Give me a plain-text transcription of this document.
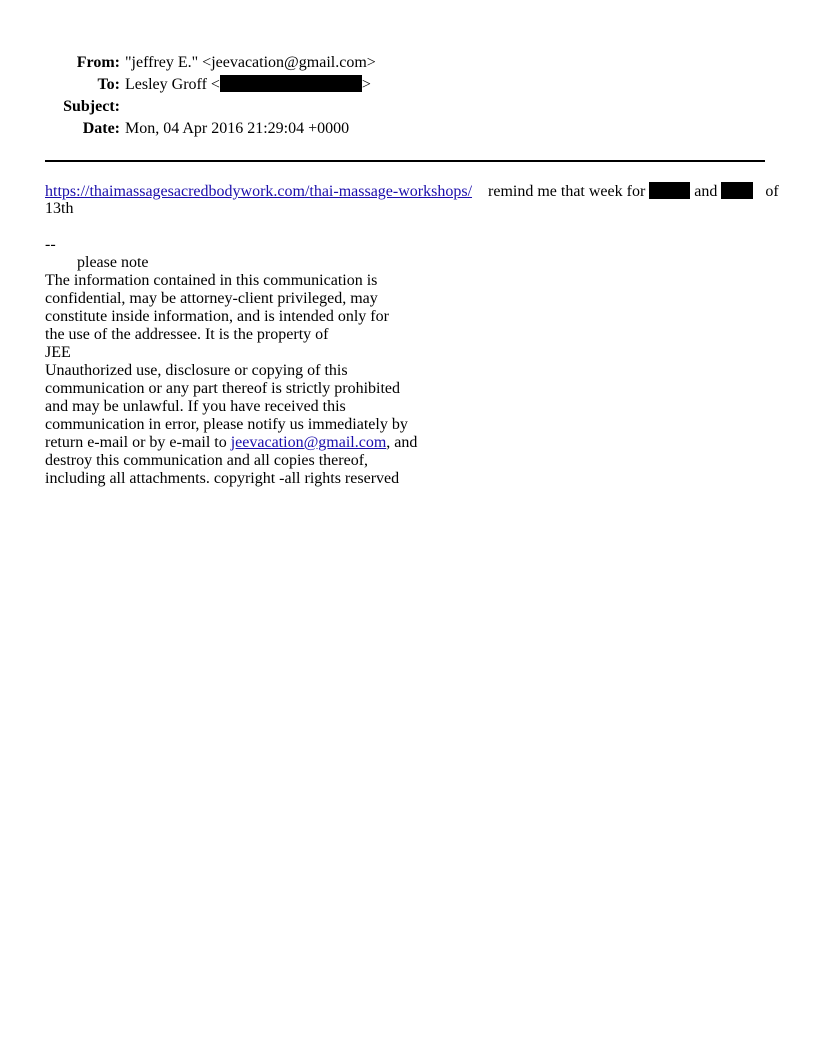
From: "jeffrey E." <jeevacation@gmail.com>
To: Lesley Groff <	>
Subject:
Date: Mon, 04 Apr 2016 21:29:04 +0000
https://thaimassagesacredbodywork.com/thai-massage-workshops/ remind me that week for	and	of
13th
--
please note
The information contained in this communication is
confidential, may be attorney-client privileged, may
constitute inside information, and is intended only for
the use of the addressee. It is the property of
JEE
Unauthorized use, disclosure or copying of this
communication or any part thereof is strictly prohibited
and may be unlawful. If you have received this
communication in error, please notify us immediately by
return e-mail or by e-mail to jeevacation@gmail.com, and
destroy this communication and all copies thereof,
including all attachments. copyright -all rights reserved
